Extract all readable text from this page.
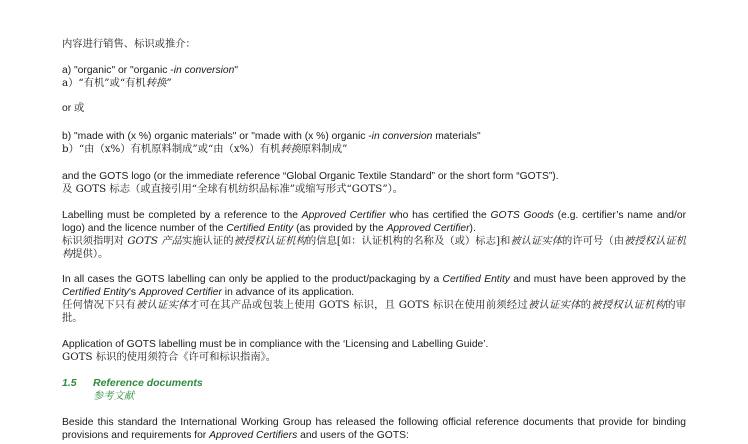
内容进行销售、标识或推介：
a) "organic" or "organic -in conversion"
a）“有机”或“有机转换”
or 或
b) "made with (x %) organic materials" or "made with (x %) organic -in conversion materials"
b）“由（x%）有机原料制成”或“由（x%）有机转换原料制成”
and the GOTS logo (or the immediate reference “Global Organic Textile Standard” or the short form “GOTS”).
及 GOTS 标志（或直接引用“全球有机纺织品标准”或缩写形式“GOTS”）。
Labelling must be completed by a reference to the Approved Certifier who has certified the GOTS Goods (e.g. certifier’s name and/or logo) and the licence number of the Certified Entity (as provided by the Approved Certifier).
标识须指明对 GOTS 产品实施认证的被授权认证机构的信息[如：认证机构的名称及（或）标志]和被认证实体的许可号（由被授权认证机构提供）。
In all cases the GOTS labelling can only be applied to the product/packaging by a Certified Entity and must have been approved by the Certified Entity's Approved Certifier in advance of its application.
任何情况下只有被认证实体才可在其产品或包装上使用 GOTS 标识，且 GOTS 标识在使用前须经过被认证实体的被授权认证机构的审批。
Application of GOTS labelling must be in compliance with the ‘Licensing and Labelling Guide’.
GOTS 标识的使用须符合《许可和标识指南》。
1.5 Reference documents
参考文献
Beside this standard the International Working Group has released the following official reference documents that provide for binding provisions and requirements for Approved Certifiers and users of the GOTS:
